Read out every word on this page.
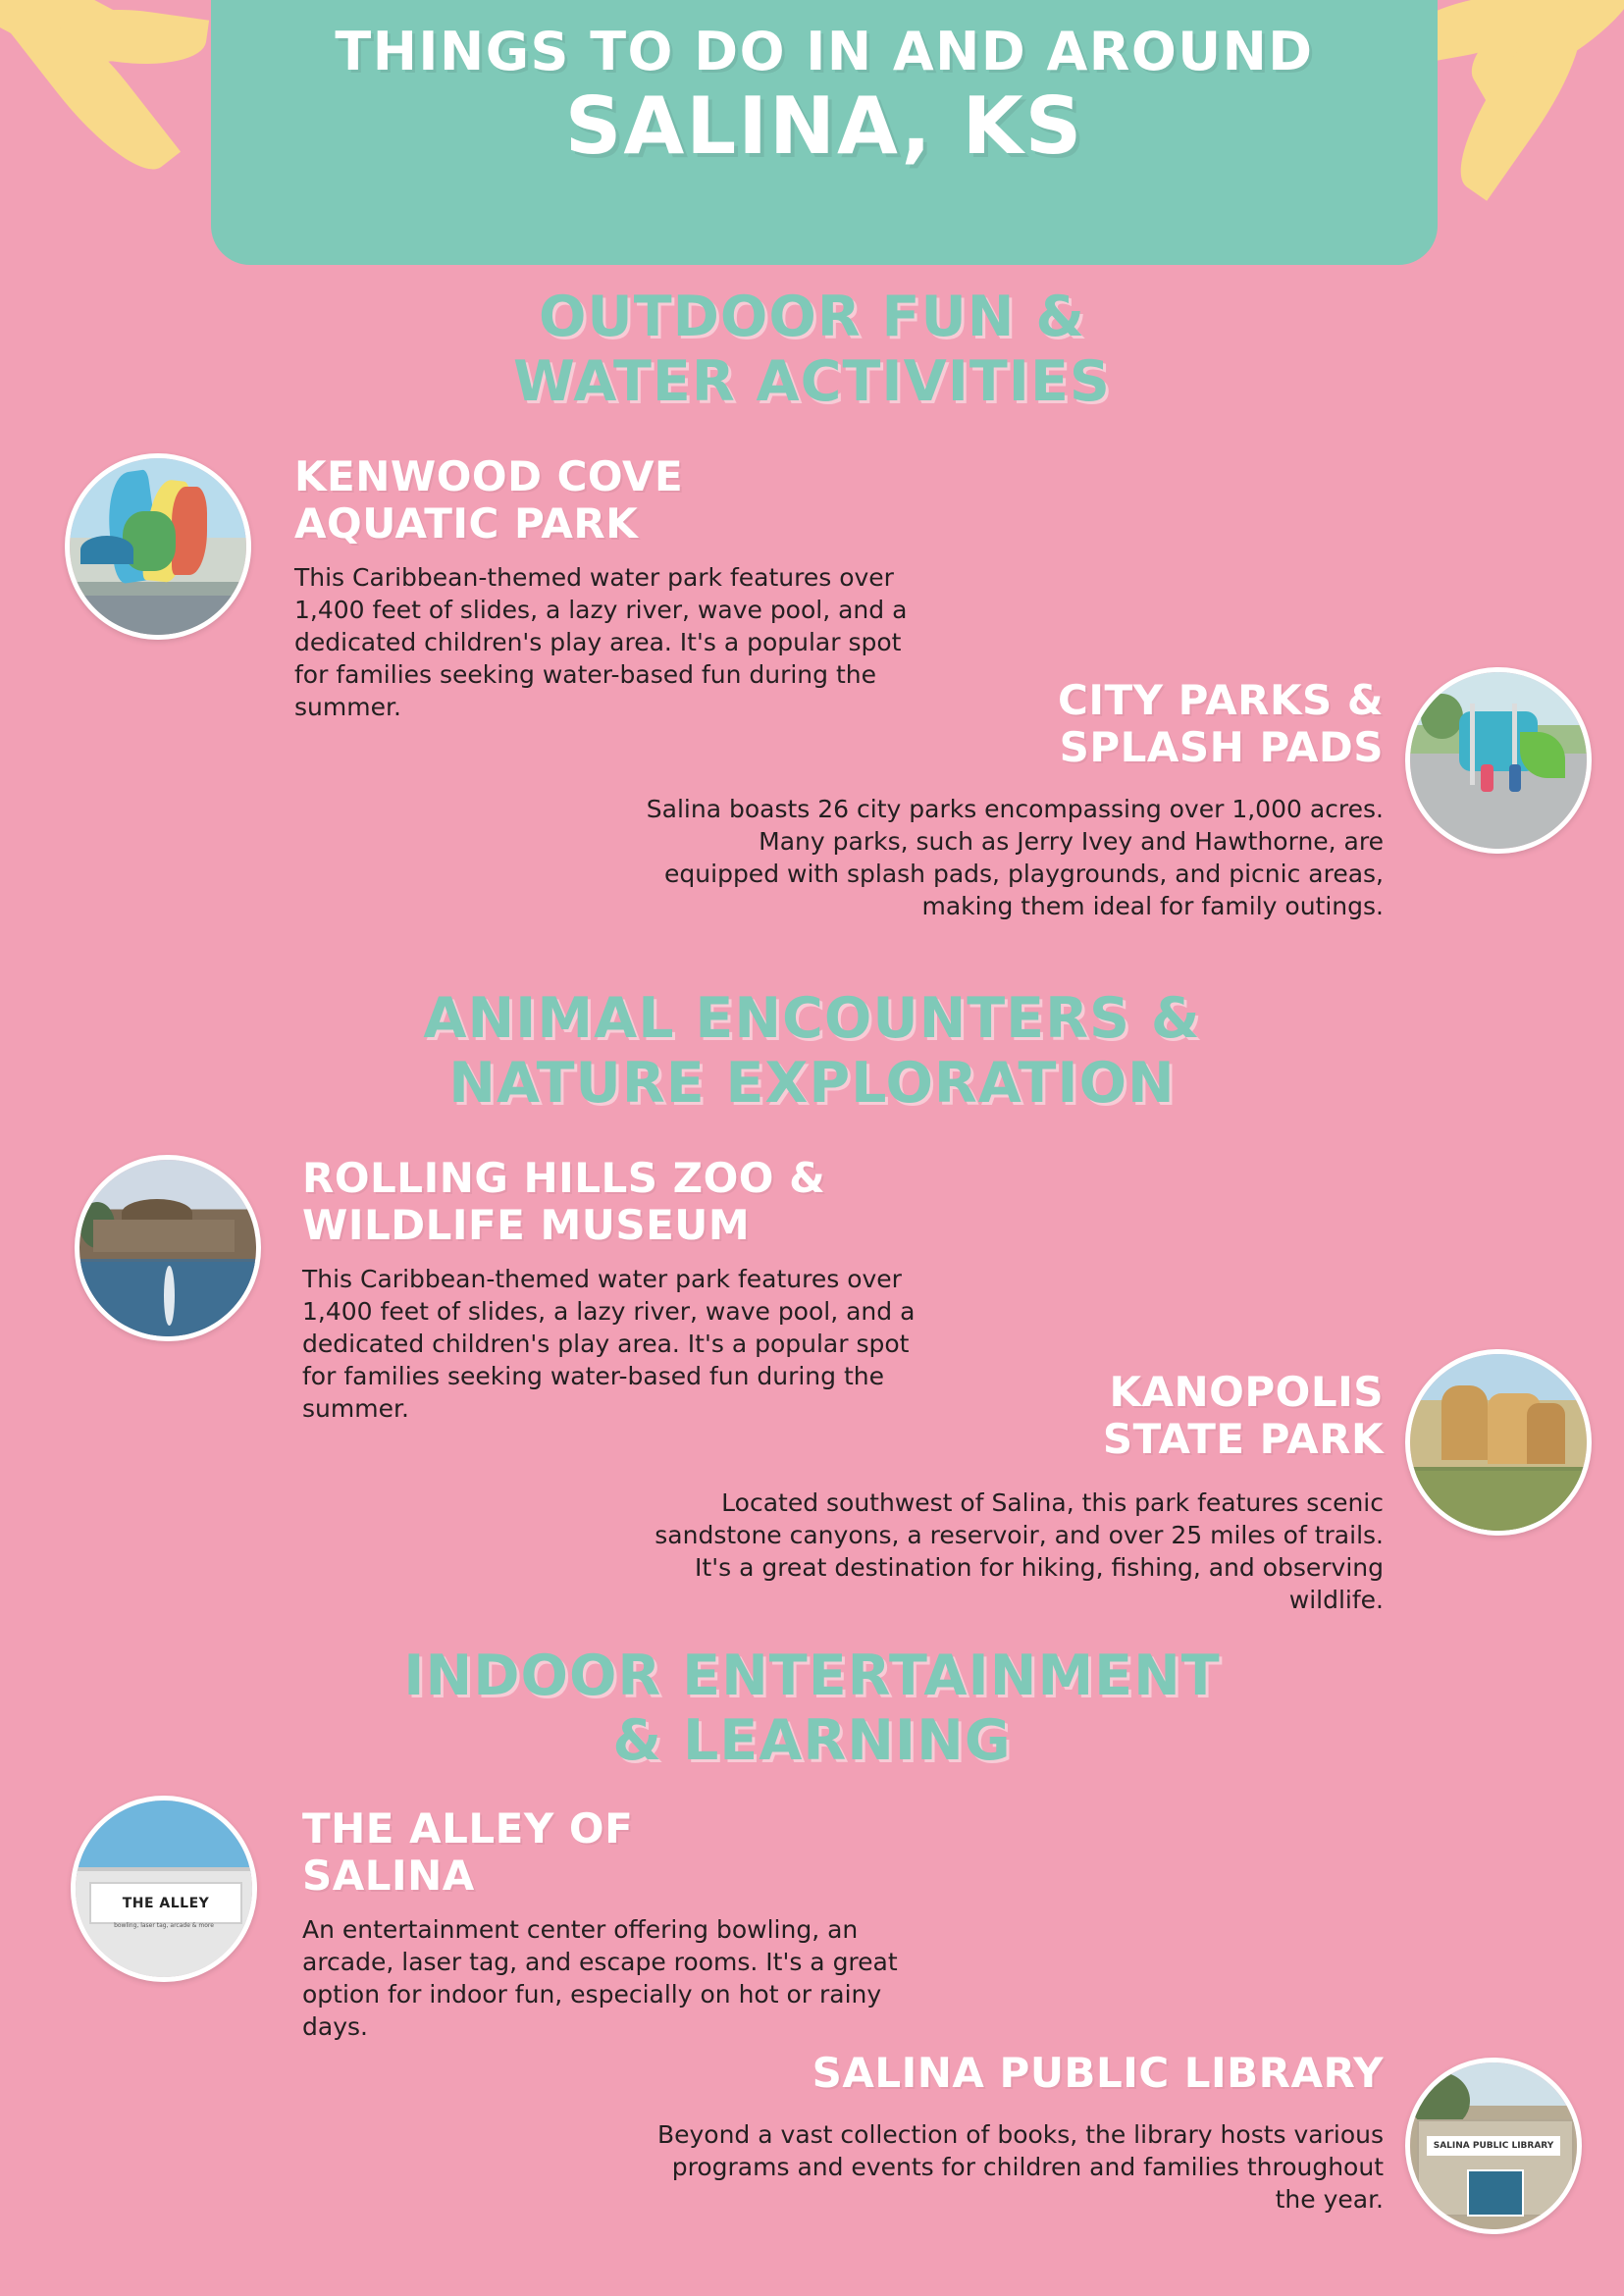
THINGS TO DO IN AND AROUND
SALINA, KS
OUTDOOR FUN &
WATER ACTIVITIES
KENWOOD COVE
AQUATIC PARK

This Caribbean-themed water park features over 1,400 feet of slides, a lazy river, wave pool, and a dedicated children's play area. It's a popular spot for families seeking water-based fun during the summer.	CITY PARKS &
SPLASH PADS

Salina boasts 26 city parks encompassing over 1,000 acres. Many parks, such as Jerry Ivey and Hawthorne, are equipped with splash pads, playgrounds, and picnic areas, making them ideal for family outings.

ANIMAL ENCOUNTERS &
NATURE EXPLORATION
ROLLING HILLS ZOO &
WILDLIFE MUSEUM

This Caribbean-themed water park features over 1,400 feet of slides, a lazy river, wave pool, and a dedicated children's play area. It's a popular spot for families seeking water-based fun during the summer.	KANOPOLIS
STATE PARK

Located southwest of Salina, this park features scenic sandstone canyons, a reservoir, and over 25 miles of trails. It's a great destination for hiking, fishing, and observing wildlife.

INDOOR ENTERTAINMENT
& LEARNING
THE ALLEY
bowling, laser tag, arcade & more
THE ALLEY OF
SALINA

An entertainment center offering bowling, an arcade, laser tag, and escape rooms. It's a great option for indoor fun, especially on hot or rainy days.

SALINA PUBLIC LIBRARY
SALINA PUBLIC LIBRARY

Beyond a vast collection of books, the library hosts various programs and events for children and families throughout the year.
